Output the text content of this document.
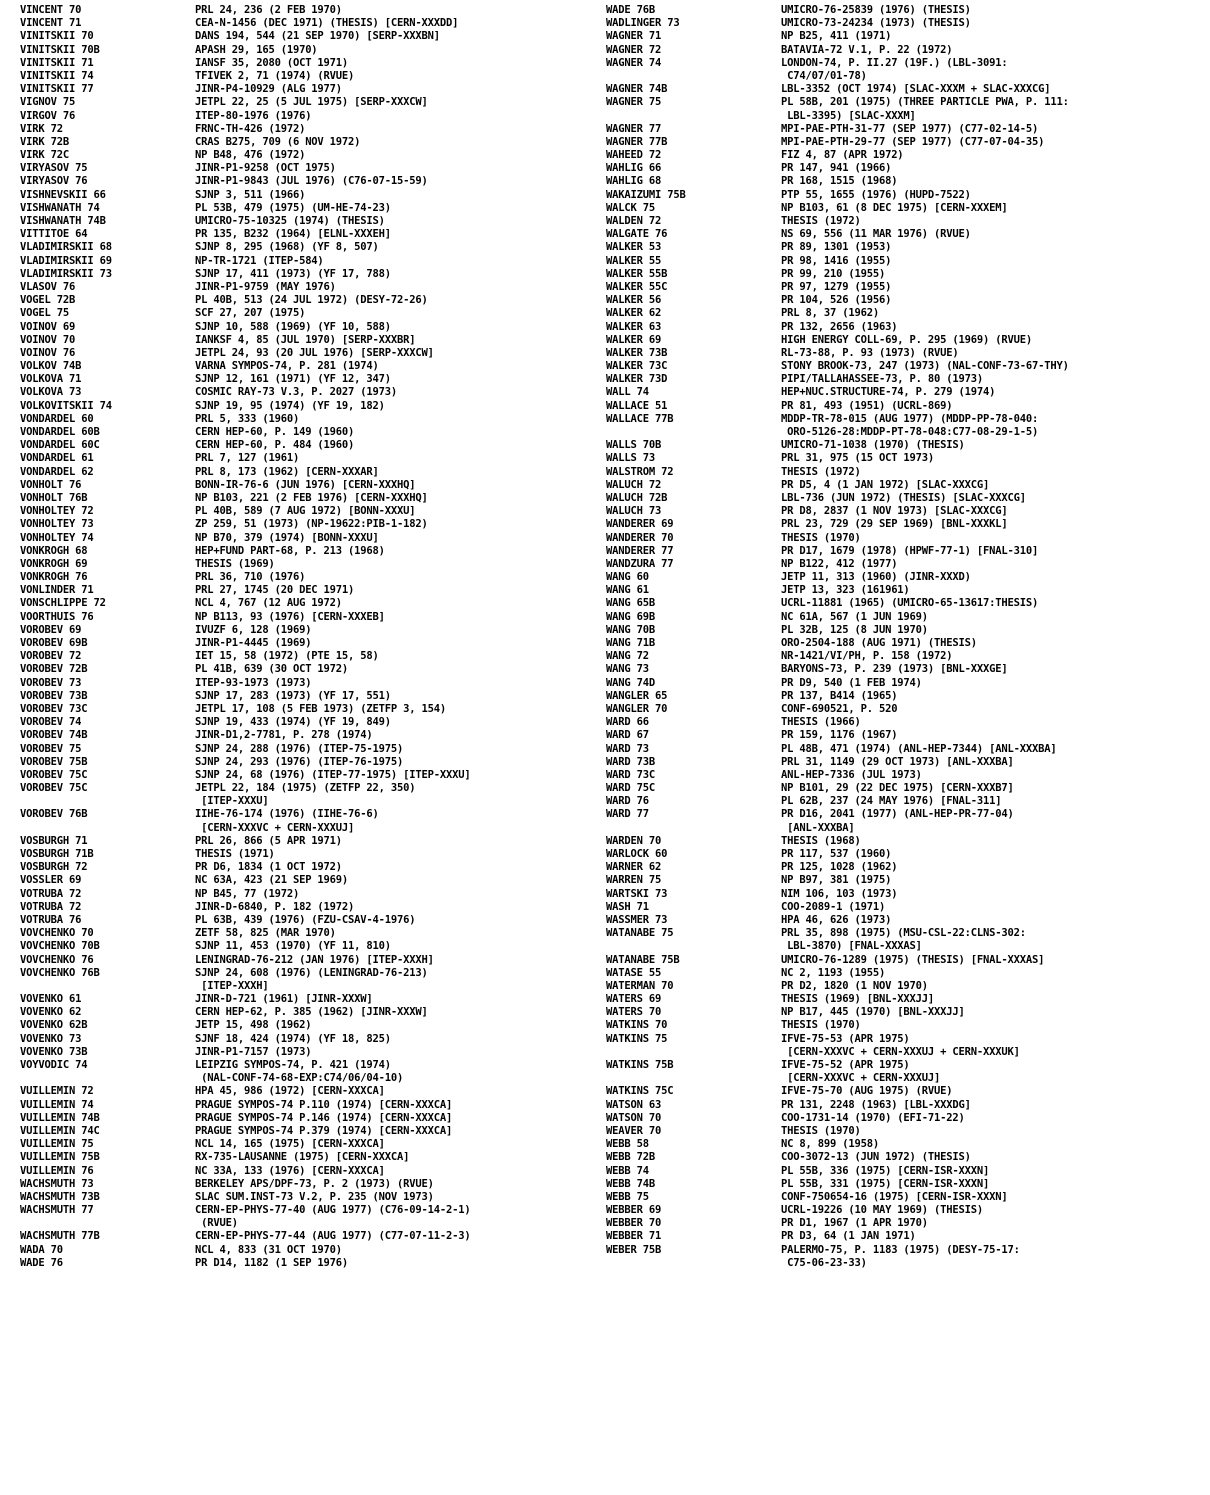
VINCENT 70	PRL 24, 236 (2 FEB 1970)
VINCENT 71	CEA-N-1456 (DEC 1971) (THESIS) [CERN-XXXDD]
VINITSKII 70	DANS 194, 544 (21 SEP 1970) [SERP-XXXBN]
VINITSKII 70B	APASH 29, 165 (1970)
VINITSKII 71	IANSF 35, 2080 (OCT 1971)
VINITSKII 74	TFIVEK 2, 71 (1974) (RVUE)
VINITSKII 77	JINR-P4-10929 (ALG 1977)
VIGNOV 75	JETPL 22, 25 (5 JUL 1975) [SERP-XXXCW]
VIRGOV 76	ITEP-80-1976 (1976)
VIRK 72	FRNC-TH-426 (1972)
VIRK 72B	CRAS B275, 709 (6 NOV 1972)
VIRK 72C	NP B48, 476 (1972)
VIRYASOV 75	JINR-P1-9258 (OCT 1975)
VIRYASOV 76	JINR-P1-9843 (JUL 1976) (C76-07-15-59)
VISHNEVSKII 66	SJNP 3, 511 (1966)
VISHWANATH 74	PL 53B, 479 (1975) (UM-HE-74-23)
VISHWANATH 74B	UMICRO-75-10325 (1974) (THESIS)
VITTITOE 64	PR 135, B232 (1964) [ELNL-XXXEH]
VLADIMIRSKII 68	SJNP 8, 295 (1968) (YF 8, 507)
VLADIMIRSKII 69	NP-TR-1721 (ITEP-584)
VLADIMIRSKII 73	SJNP 17, 411 (1973) (YF 17, 788)
VLASOV 76	JINR-P1-9759 (MAY 1976)
VOGEL 72B	PL 40B, 513 (24 JUL 1972) (DESY-72-26)
VOGEL 75	SCF 27, 207 (1975)
VOINOV 69	SJNP 10, 588 (1969) (YF 10, 588)
VOINOV 70	IANKSF 4, 85 (JUL 1970) [SERP-XXXBR]
VOINOV 76	JETPL 24, 93 (20 JUL 1976) [SERP-XXXCW]
VOLKOV 74B	VARNA SYMPOS-74, P. 281 (1974)
VOLKOVA 71	SJNP 12, 161 (1971) (YF 12, 347)
VOLKOVA 73	COSMIC RAY-73 V.3, P. 2027 (1973)
VOLKOVITSKII 74	SJNP 19, 95 (1974) (YF 19, 182)
VONDARDEL 60	PRL 5, 333 (1960)
VONDARDEL 60B	CERN HEP-60, P. 149 (1960)
VONDARDEL 60C	CERN HEP-60, P. 484 (1960)
VONDARDEL 61	PRL 7, 127 (1961)
VONDARDEL 62	PRL 8, 173 (1962) [CERN-XXXAR]
VONHOLT 76	BONN-IR-76-6 (JUN 1976) [CERN-XXXHQ]
VONHOLT 76B	NP B103, 221 (2 FEB 1976) [CERN-XXXHQ]
VONHOLTEY 72	PL 40B, 589 (7 AUG 1972) [BONN-XXXU]
VONHOLTEY 73	ZP 259, 51 (1973) (NP-19622:PIB-1-182)
VONHOLTEY 74	NP B70, 379 (1974) [BONN-XXXU]
VONKROGH 68	HEP+FUND PART-68, P. 213 (1968)
VONKROGH 69	THESIS (1969)
VONKROGH 76	PRL 36, 710 (1976)
VONLINDER 71	PRL 27, 1745 (20 DEC 1971)
VONSCHLIPPE 72	NCL 4, 767 (12 AUG 1972)
VOORTHUIS 76	NP B113, 93 (1976) [CERN-XXXEB]
VOROBEV 69	IVUZF 6, 128 (1969)
VOROBEV 69B	JINR-P1-4445 (1969)
VOROBEV 72	IET 15, 58 (1972) (PTE 15, 58)
VOROBEV 72B	PL 41B, 639 (30 OCT 1972)
VOROBEV 73	ITEP-93-1973 (1973)
VOROBEV 73B	SJNP 17, 283 (1973) (YF 17, 551)
VOROBEV 73C	JETPL 17, 108 (5 FEB 1973) (ZETFP 3, 154)
VOROBEV 74	SJNP 19, 433 (1974) (YF 19, 849)
VOROBEV 74B	JINR-D1,2-7781, P. 278 (1974)
VOROBEV 75	SJNP 24, 288 (1976) (ITEP-75-1975)
VOROBEV 75B	SJNP 24, 293 (1976) (ITEP-76-1975)
VOROBEV 75C	SJNP 24, 68 (1976) (ITEP-77-1975) [ITEP-XXXU]
VOROBEV 75C	JETPL 22, 184 (1975) (ZETFP 22, 350)
[ITEP-XXXU]
VOROBEV 76B	IIHE-76-174 (1976) (IIHE-76-6)
[CERN-XXXVC + CERN-XXXUJ]
VOSBURGH 71	PRL 26, 866 (5 APR 1971)
VOSBURGH 71B	THESIS (1971)
VOSBURGH 72	PR D6, 1834 (1 OCT 1972)
VOSSLER 69	NC 63A, 423 (21 SEP 1969)
VOTRUBA 72	NP B45, 77 (1972)
VOTRUBA 72	JINR-D-6840, P. 182 (1972)
VOTRUBA 76	PL 63B, 439 (1976) (FZU-CSAV-4-1976)
VOVCHENKO 70	ZETF 58, 825 (MAR 1970)
VOVCHENKO 70B	SJNP 11, 453 (1970) (YF 11, 810)
VOVCHENKO 76	LENINGRAD-76-212 (JAN 1976) [ITEP-XXXH]
VOVCHENKO 76B	SJNP 24, 608 (1976) (LENINGRAD-76-213)
[ITEP-XXXH]
VOVENKO 61	JINR-D-721 (1961) [JINR-XXXW]
VOVENKO 62	CERN HEP-62, P. 385 (1962) [JINR-XXXW]
VOVENKO 62B	JETP 15, 498 (1962)
VOVENKO 73	SJNF 18, 424 (1974) (YF 18, 825)
VOVENKO 73B	JINR-P1-7157 (1973)
VOYVODIC 74	LEIPZIG SYMPOS-74, P. 421 (1974)
(NAL-CONF-74-68-EXP:C74/06/04-10)
VUILLEMIN 72	HPA 45, 986 (1972) [CERN-XXXCA]
VUILLEMIN 74	PRAGUE SYMPOS-74 P.110 (1974) [CERN-XXXCA]
VUILLEMIN 74B	PRAGUE SYMPOS-74 P.146 (1974) [CERN-XXXCA]
VUILLEMIN 74C	PRAGUE SYMPOS-74 P.379 (1974) [CERN-XXXCA]
VUILLEMIN 75	NCL 14, 165 (1975) [CERN-XXXCA]
VUILLEMIN 75B	RX-735-LAUSANNE (1975) [CERN-XXXCA]
VUILLEMIN 76	NC 33A, 133 (1976) [CERN-XXXCA]
WACHSMUTH 73	BERKELEY APS/DPF-73, P. 2 (1973) (RVUE)
WACHSMUTH 73B	SLAC SUM.INST-73 V.2, P. 235 (NOV 1973)
WACHSMUTH 77	CERN-EP-PHYS-77-40 (AUG 1977) (C76-09-14-2-1)
(RVUE)
WACHSMUTH 77B	CERN-EP-PHYS-77-44 (AUG 1977) (C77-07-11-2-3)
WADA 70	NCL 4, 833 (31 OCT 1970)
WADE 76	PR D14, 1182 (1 SEP 1976)
WADE 76B	UMICRO-76-25839 (1976) (THESIS)
WADLINGER 73	UMICRO-73-24234 (1973) (THESIS)
WAGNER 71	NP B25, 411 (1971)
WAGNER 72	BATAVIA-72 V.1, P. 22 (1972)
WAGNER 74	LONDON-74, P. II.27 (19F.) (LBL-3091:
C74/07/01-78)
WAGNER 74B	LBL-3352 (OCT 1974) [SLAC-XXXM + SLAC-XXXCG]
WAGNER 75	PL 58B, 201 (1975) (THREE PARTICLE PWA, P. 111:
LBL-3395) [SLAC-XXXM]
WAGNER 77	MPI-PAE-PTH-31-77 (SEP 1977) (C77-02-14-5)
WAGNER 77B	MPI-PAE-PTH-29-77 (SEP 1977) (C77-07-04-35)
WAHEED 72	FIZ 4, 87 (APR 1972)
WAHLIG 66	PR 147, 941 (1966)
WAHLIG 68	PR 168, 1515 (1968)
WAKAIZUMI 75B	PTP 55, 1655 (1976) (HUPD-7522)
WALCK 75	NP B103, 61 (8 DEC 1975) [CERN-XXXEM]
WALDEN 72	THESIS (1972)
WALGATE 76	NS 69, 556 (11 MAR 1976) (RVUE)
WALKER 53	PR 89, 1301 (1953)
WALKER 55	PR 98, 1416 (1955)
WALKER 55B	PR 99, 210 (1955)
WALKER 55C	PR 97, 1279 (1955)
WALKER 56	PR 104, 526 (1956)
WALKER 62	PRL 8, 37 (1962)
WALKER 63	PR 132, 2656 (1963)
WALKER 69	HIGH ENERGY COLL-69, P. 295 (1969) (RVUE)
WALKER 73B	RL-73-88, P. 93 (1973) (RVUE)
WALKER 73C	STONY BROOK-73, 247 (1973) (NAL-CONF-73-67-THY)
WALKER 73D	PIPI/TALLAHASSEE-73, P. 80 (1973)
WALL 74	HEP+NUC.STRUCTURE-74, P. 279 (1974)
WALLACE 51	PR 81, 493 (1951) (UCRL-869)
WALLACE 77B	MDDP-TR-78-015 (AUG 1977) (MDDP-PP-78-040:
ORO-5126-28:MDDP-PT-78-048:C77-08-29-1-5)
WALLS 70B	UMICRO-71-1038 (1970) (THESIS)
WALLS 73	PRL 31, 975 (15 OCT 1973)
WALSTROM 72	THESIS (1972)
WALUCH 72	PR D5, 4 (1 JAN 1972) [SLAC-XXXCG]
WALUCH 72B	LBL-736 (JUN 1972) (THESIS) [SLAC-XXXCG]
WALUCH 73	PR D8, 2837 (1 NOV 1973) [SLAC-XXXCG]
WANDERER 69	PRL 23, 729 (29 SEP 1969) [BNL-XXXKL]
WANDERER 70	THESIS (1970)
WANDERER 77	PR D17, 1679 (1978) (HPWF-77-1) [FNAL-310]
WANDZURA 77	NP B122, 412 (1977)
WANG 60	JETP 11, 313 (1960) (JINR-XXXD)
WANG 61	JETP 13, 323 (161961)
WANG 65B	UCRL-11881 (1965) (UMICRO-65-13617:THESIS)
WANG 69B	NC 61A, 567 (1 JUN 1969)
WANG 70B	PL 32B, 125 (8 JUN 1970)
WANG 71B	ORO-2504-188 (AUG 1971) (THESIS)
WANG 72	NR-1421/VI/PH, P. 158 (1972)
WANG 73	BARYONS-73, P. 239 (1973) [BNL-XXXGE]
WANG 74D	PR D9, 540 (1 FEB 1974)
WANGLER 65	PR 137, B414 (1965)
WANGLER 70	CONF-690521, P. 520
WARD 66	THESIS (1966)
WARD 67	PR 159, 1176 (1967)
WARD 73	PL 48B, 471 (1974) (ANL-HEP-7344) [ANL-XXXBA]
WARD 73B	PRL 31, 1149 (29 OCT 1973) [ANL-XXXBA]
WARD 73C	ANL-HEP-7336 (JUL 1973)
WARD 75C	NP B101, 29 (22 DEC 1975) [CERN-XXXB7]
WARD 76	PL 62B, 237 (24 MAY 1976) [FNAL-311]
WARD 77	PR D16, 2041 (1977) (ANL-HEP-PR-77-04)
[ANL-XXXBA]
WARDEN 70	THESIS (1968)
WARLOCK 60	PR 117, 537 (1960)
WARNER 62	PR 125, 1028 (1962)
WARREN 75	NP B97, 381 (1975)
WARTSKI 73	NIM 106, 103 (1973)
WASH 71	COO-2089-1 (1971)
WASSMER 73	HPA 46, 626 (1973)
WATANABE 75	PRL 35, 898 (1975) (MSU-CSL-22:CLNS-302:
LBL-3870) [FNAL-XXXAS]
WATANABE 75B	UMICRO-76-1289 (1975) (THESIS) [FNAL-XXXAS]
WATASE 55	NC 2, 1193 (1955)
WATERMAN 70	PR D2, 1820 (1 NOV 1970)
WATERS 69	THESIS (1969) [BNL-XXXJJ]
WATERS 70	NP B17, 445 (1970) [BNL-XXXJJ]
WATKINS 70	THESIS (1970)
WATKINS 75	IFVE-75-53 (APR 1975)
[CERN-XXXVC + CERN-XXXUJ + CERN-XXXUK]
WATKINS 75B	IFVE-75-52 (APR 1975)
[CERN-XXXVC + CERN-XXXUJ]
WATKINS 75C	IFVE-75-70 (AUG 1975) (RVUE)
WATSON 63	PR 131, 2248 (1963) [LBL-XXXDG]
WATSON 70	COO-1731-14 (1970) (EFI-71-22)
WEAVER 70	THESIS (1970)
WEBB 58	NC 8, 899 (1958)
WEBB 72B	COO-3072-13 (JUN 1972) (THESIS)
WEBB 74	PL 55B, 336 (1975) [CERN-ISR-XXXN]
WEBB 74B	PL 55B, 331 (1975) [CERN-ISR-XXXN]
WEBB 75	CONF-750654-16 (1975) [CERN-ISR-XXXN]
WEBBER 69	UCRL-19226 (10 MAY 1969) (THESIS)
WEBBER 70	PR D1, 1967 (1 APR 1970)
WEBBER 71	PR D3, 64 (1 JAN 1971)
WEBER 75B	PALERMO-75, P. 1183 (1975) (DESY-75-17:
C75-06-23-33)
